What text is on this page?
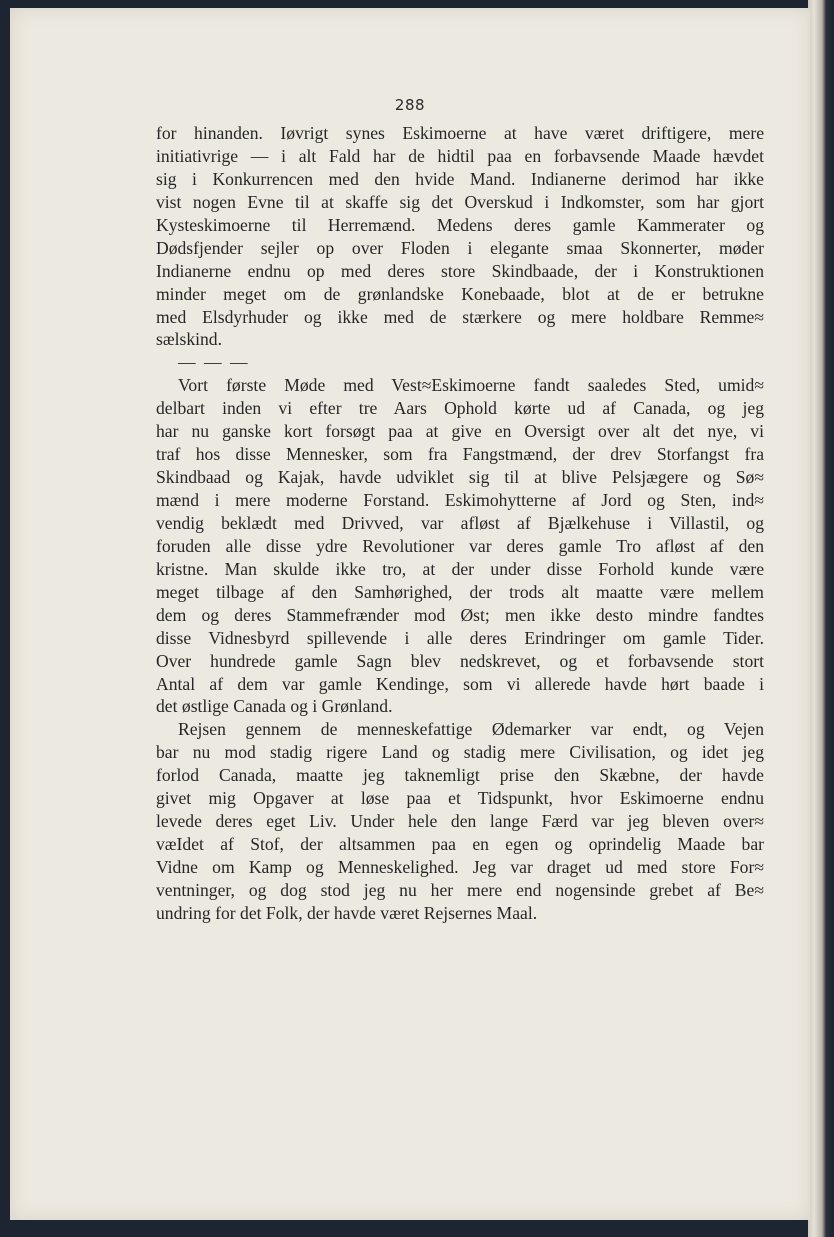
288
for hinanden. Iøvrigt synes Eskimoerne at have været driftigere, mere
initiativrige — i alt Fald har de hidtil paa en forbavsende Maade hævdet
sig i Konkurrencen med den hvide Mand. Indianerne derimod har ikke
vist nogen Evne til at skaffe sig det Overskud i Indkomster, som har gjort
Kysteskimoerne til Herremænd. Medens deres gamle Kammerater og
Dødsfjender sejler op over Floden i elegante smaa Skonnerter, møder
Indianerne endnu op med deres store Skindbaade, der i Konstruktionen
minder meget om de grønlandske Konebaade, blot at de er betrukne
med Elsdyrhuder og ikke med de stærkere og mere holdbare Remme≈
sælskind.
— — —
Vort første Møde med Vest≈Eskimoerne fandt saaledes Sted, umid≈
delbart inden vi efter tre Aars Ophold kørte ud af Canada, og jeg
har nu ganske kort forsøgt paa at give en Oversigt over alt det nye, vi
traf hos disse Mennesker, som fra Fangstmænd, der drev Storfangst fra
Skindbaad og Kajak, havde udviklet sig til at blive Pelsjægere og Sø≈
mænd i mere moderne Forstand. Eskimohytterne af Jord og Sten, ind≈
vendig beklædt med Drivved, var afløst af Bjælkehuse i Villastil, og
foruden alle disse ydre Revolutioner var deres gamle Tro afløst af den
kristne. Man skulde ikke tro, at der under disse Forhold kunde være
meget tilbage af den Samhørighed, der trods alt maatte være mellem
dem og deres Stammefrænder mod Øst; men ikke desto mindre fandtes
disse Vidnesbyrd spillevende i alle deres Erindringer om gamle Tider.
Over hundrede gamle Sagn blev nedskrevet, og et forbavsende stort
Antal af dem var gamle Kendinge, som vi allerede havde hørt baade i
det østlige Canada og i Grønland.
Rejsen gennem de menneskefattige Ødemarker var endt, og Vejen
bar nu mod stadig rigere Land og stadig mere Civilisation, og idet jeg
forlod Canada, maatte jeg taknemligt prise den Skæbne, der havde
givet mig Opgaver at løse paa et Tidspunkt, hvor Eskimoerne endnu
levede deres eget Liv. Under hele den lange Færd var jeg bleven over≈
væIdet af Stof, der altsammen paa en egen og oprindelig Maade bar
Vidne om Kamp og Menneskelighed. Jeg var draget ud med store For≈
ventninger, og dog stod jeg nu her mere end nogensinde grebet af Be≈
undring for det Folk, der havde været Rejsernes Maal.
